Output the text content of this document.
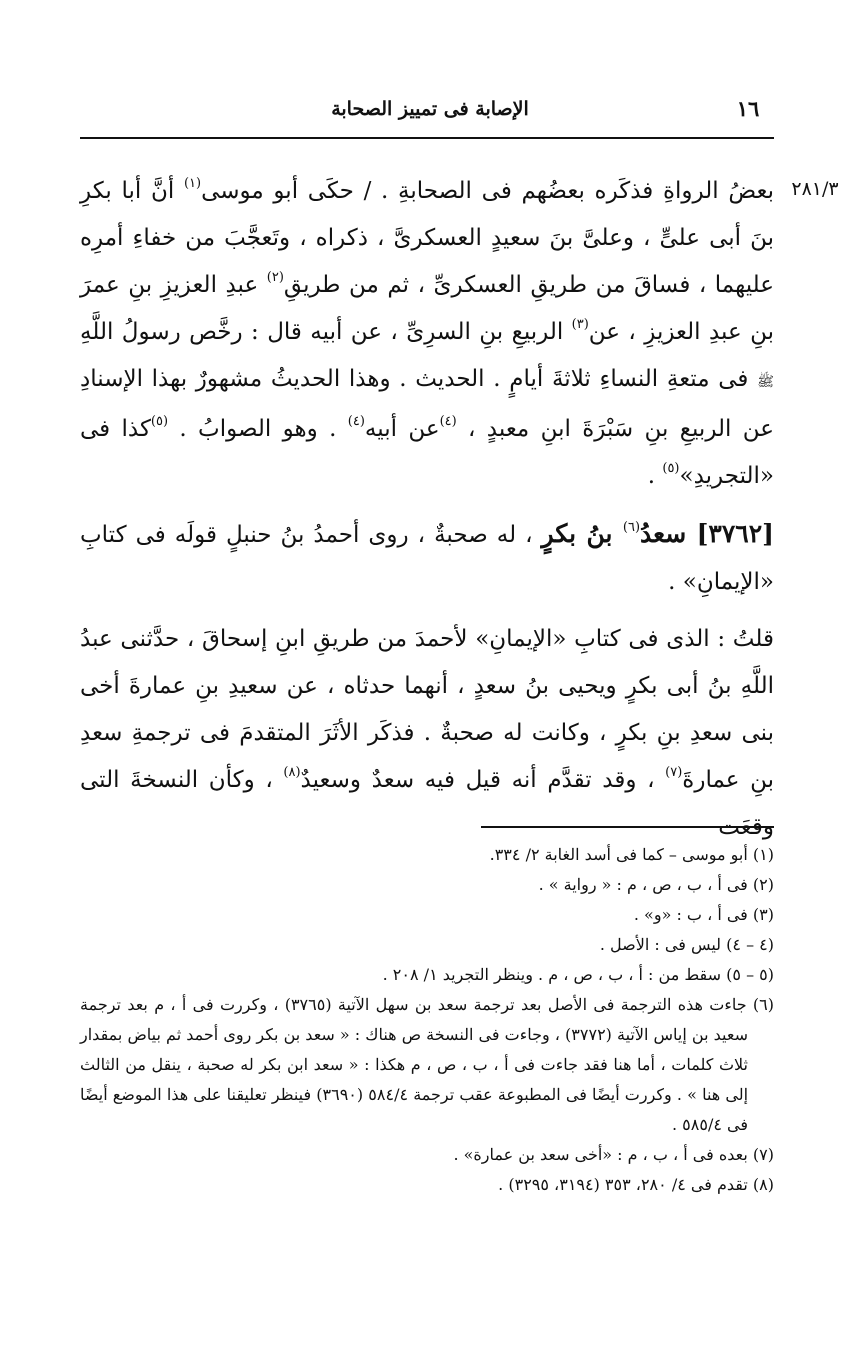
الإصابة فى تمييز الصحابة	١٦
٢٨١/٣

بعضُ الرواةِ فذكَره بعضُهم فى الصحابةِ . / حكَى أبو موسى$^{(١)}$ أنَّ أبا بكرِ بنَ أبى علىٍّ ، وعلىَّ بنَ سعيدٍ العسكرىَّ ، ذكراه ، وتَعجَّبَ من خفاءِ أمرِه عليهما ، فساقَ من طريقِ العسكرىِّ ، ثم من طريقِ$^{(٢)}$ عبدِ العزيزِ بنِ عمرَ بنِ عبدِ العزيزِ ، عن$^{(٣)}$ الربيعِ بنِ السرِىِّ ، عن أبيه قال : رخَّص رسولُ اللَّهِ ﷺ فى متعةِ النساءِ ثلاثةَ أيامٍ . الحديث . وهذا الحديثُ مشهورٌ بهذا الإسنادِ عن الربيعِ بنِ سَبْرَةَ ابنِ معبدٍ ، $^{(٤)}$عن أبيه$^{(٤)}$ . وهو الصوابُ . $^{(٥)}$كذا فى «التجريدِ»$^{(٥)}$ .

[٣٧٦٢] سعدُ$^{(٦)}$ بنُ بكرٍ ، له صحبةٌ ، روى أحمدُ بنُ حنبلٍ قولَه فى كتابِ «الإيمانِ» .

قلتُ : الذى فى كتابِ «الإيمانِ» لأحمدَ من طريقِ ابنِ إسحاقَ ، حدَّثنى عبدُ اللَّهِ بنُ أبى بكرٍ ويحيى بنُ سعدٍ ، أنهما حدثاه ، عن سعيدِ بنِ عمارةَ أخى بنى سعدِ بنِ بكرٍ ، وكانت له صحبةٌ . فذكَر الأثَرَ المتقدمَ فى ترجمةِ سعدِ بنِ عمارةَ$^{(٧)}$ ، وقد تقدَّم أنه قيل فيه سعدٌ وسعيدٌ$^{(٨)}$ ، وكأن النسخةَ التى وقعَت

(١) أبو موسى – كما فى أسد الغابة ٢/ ٣٣٤.

(٢) فى أ ، ب ، ص ، م : « رواية » .

(٣) فى أ ، ب : «و» .

(٤ – ٤) ليس فى : الأصل .

(٥ – ٥) سقط من : أ ، ب ، ص ، م . وينظر التجريد ١/ ٢٠٨ .

(٦) جاءت هذه الترجمة فى الأصل بعد ترجمة سعد بن سهل الآتية (٣٧٦٥) ، وكررت فى أ ، م بعد ترجمة سعيد بن إياس الآتية (٣٧٧٢) ، وجاءت فى النسخة ص هناك : « سعد بن بكر روى أحمد ثم بياض بمقدار ثلاث كلمات ، أما هنا فقد جاءت فى أ ، ب ، ص ، م هكذا : « سعد ابن بكر له صحبة ، ينقل من الثالث إلى هنا » . وكررت أيضًا فى المطبوعة عقب ترجمة ٥٨٤/٤ (٣٦٩٠) فينظر تعليقنا على هذا الموضع أيضًا فى ٥٨٥/٤ .

(٧) بعده فى أ ، ب ، م : «أخى سعد بن عمارة» .

(٨) تقدم فى ٤/ ٢٨٠، ٣٥٣ (٣١٩٤، ٣٢٩٥) .
